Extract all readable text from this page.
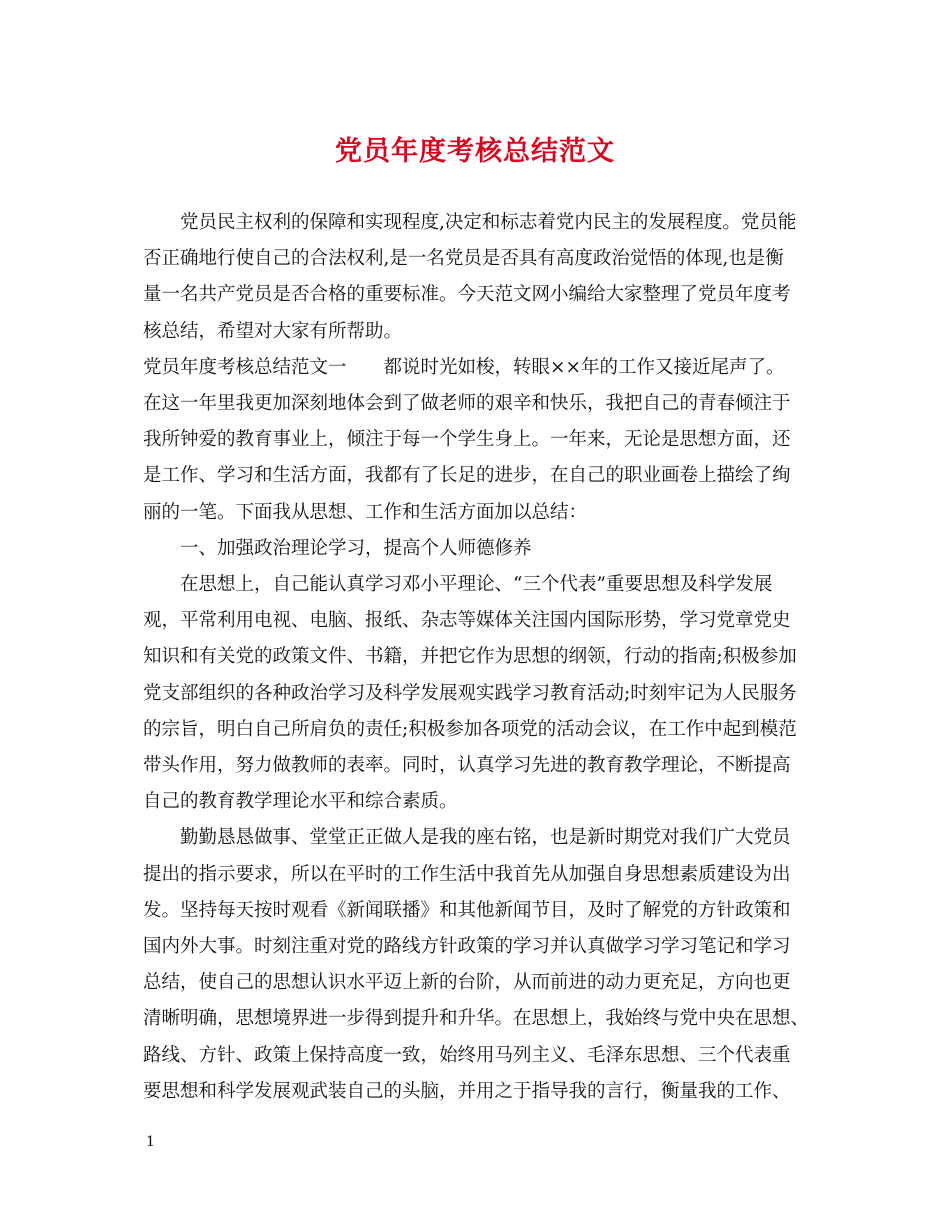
党员年度考核总结范文

党员民主权利的保障和实现程度,决定和标志着党内民主的发展程度。党员能

否正确地行使自己的合法权利,是一名党员是否具有高度政治觉悟的体现,也是衡

量一名共产党员是否合格的重要标准。今天范文网小编给大家整理了党员年度考

核总结，希望对大家有所帮助。

党员年度考核总结范文一　　都说时光如梭，转眼××年的工作又接近尾声了。

在这一年里我更加深刻地体会到了做老师的艰辛和快乐，我把自己的青春倾注于

我所钟爱的教育事业上，倾注于每一个学生身上。一年来，无论是思想方面，还

是工作、学习和生活方面，我都有了长足的进步，在自己的职业画卷上描绘了绚

丽的一笔。下面我从思想、工作和生活方面加以总结：

一、加强政治理论学习，提高个人师德修养

在思想上，自己能认真学习邓小平理论、“三个代表”重要思想及科学发展

观，平常利用电视、电脑、报纸、杂志等媒体关注国内国际形势，学习党章党史

知识和有关党的政策文件、书籍，并把它作为思想的纲领，行动的指南;积极参加

党支部组织的各种政治学习及科学发展观实践学习教育活动;时刻牢记为人民服务

的宗旨，明白自己所肩负的责任;积极参加各项党的活动会议，在工作中起到模范

带头作用，努力做教师的表率。同时，认真学习先进的教育教学理论，不断提高

自己的教育教学理论水平和综合素质。

勤勤恳恳做事、堂堂正正做人是我的座右铭，也是新时期党对我们广大党员

提出的指示要求，所以在平时的工作生活中我首先从加强自身思想素质建设为出

发。坚持每天按时观看《新闻联播》和其他新闻节目，及时了解党的方针政策和

国内外大事。时刻注重对党的路线方针政策的学习并认真做学习学习笔记和学习

总结，使自己的思想认识水平迈上新的台阶，从而前进的动力更充足，方向也更

清晰明确，思想境界进一步得到提升和升华。在思想上，我始终与党中央在思想、

路线、方针、政策上保持高度一致，始终用马列主义、毛泽东思想、三个代表重

要思想和科学发展观武装自己的头脑，并用之于指导我的言行，衡量我的工作、

1
